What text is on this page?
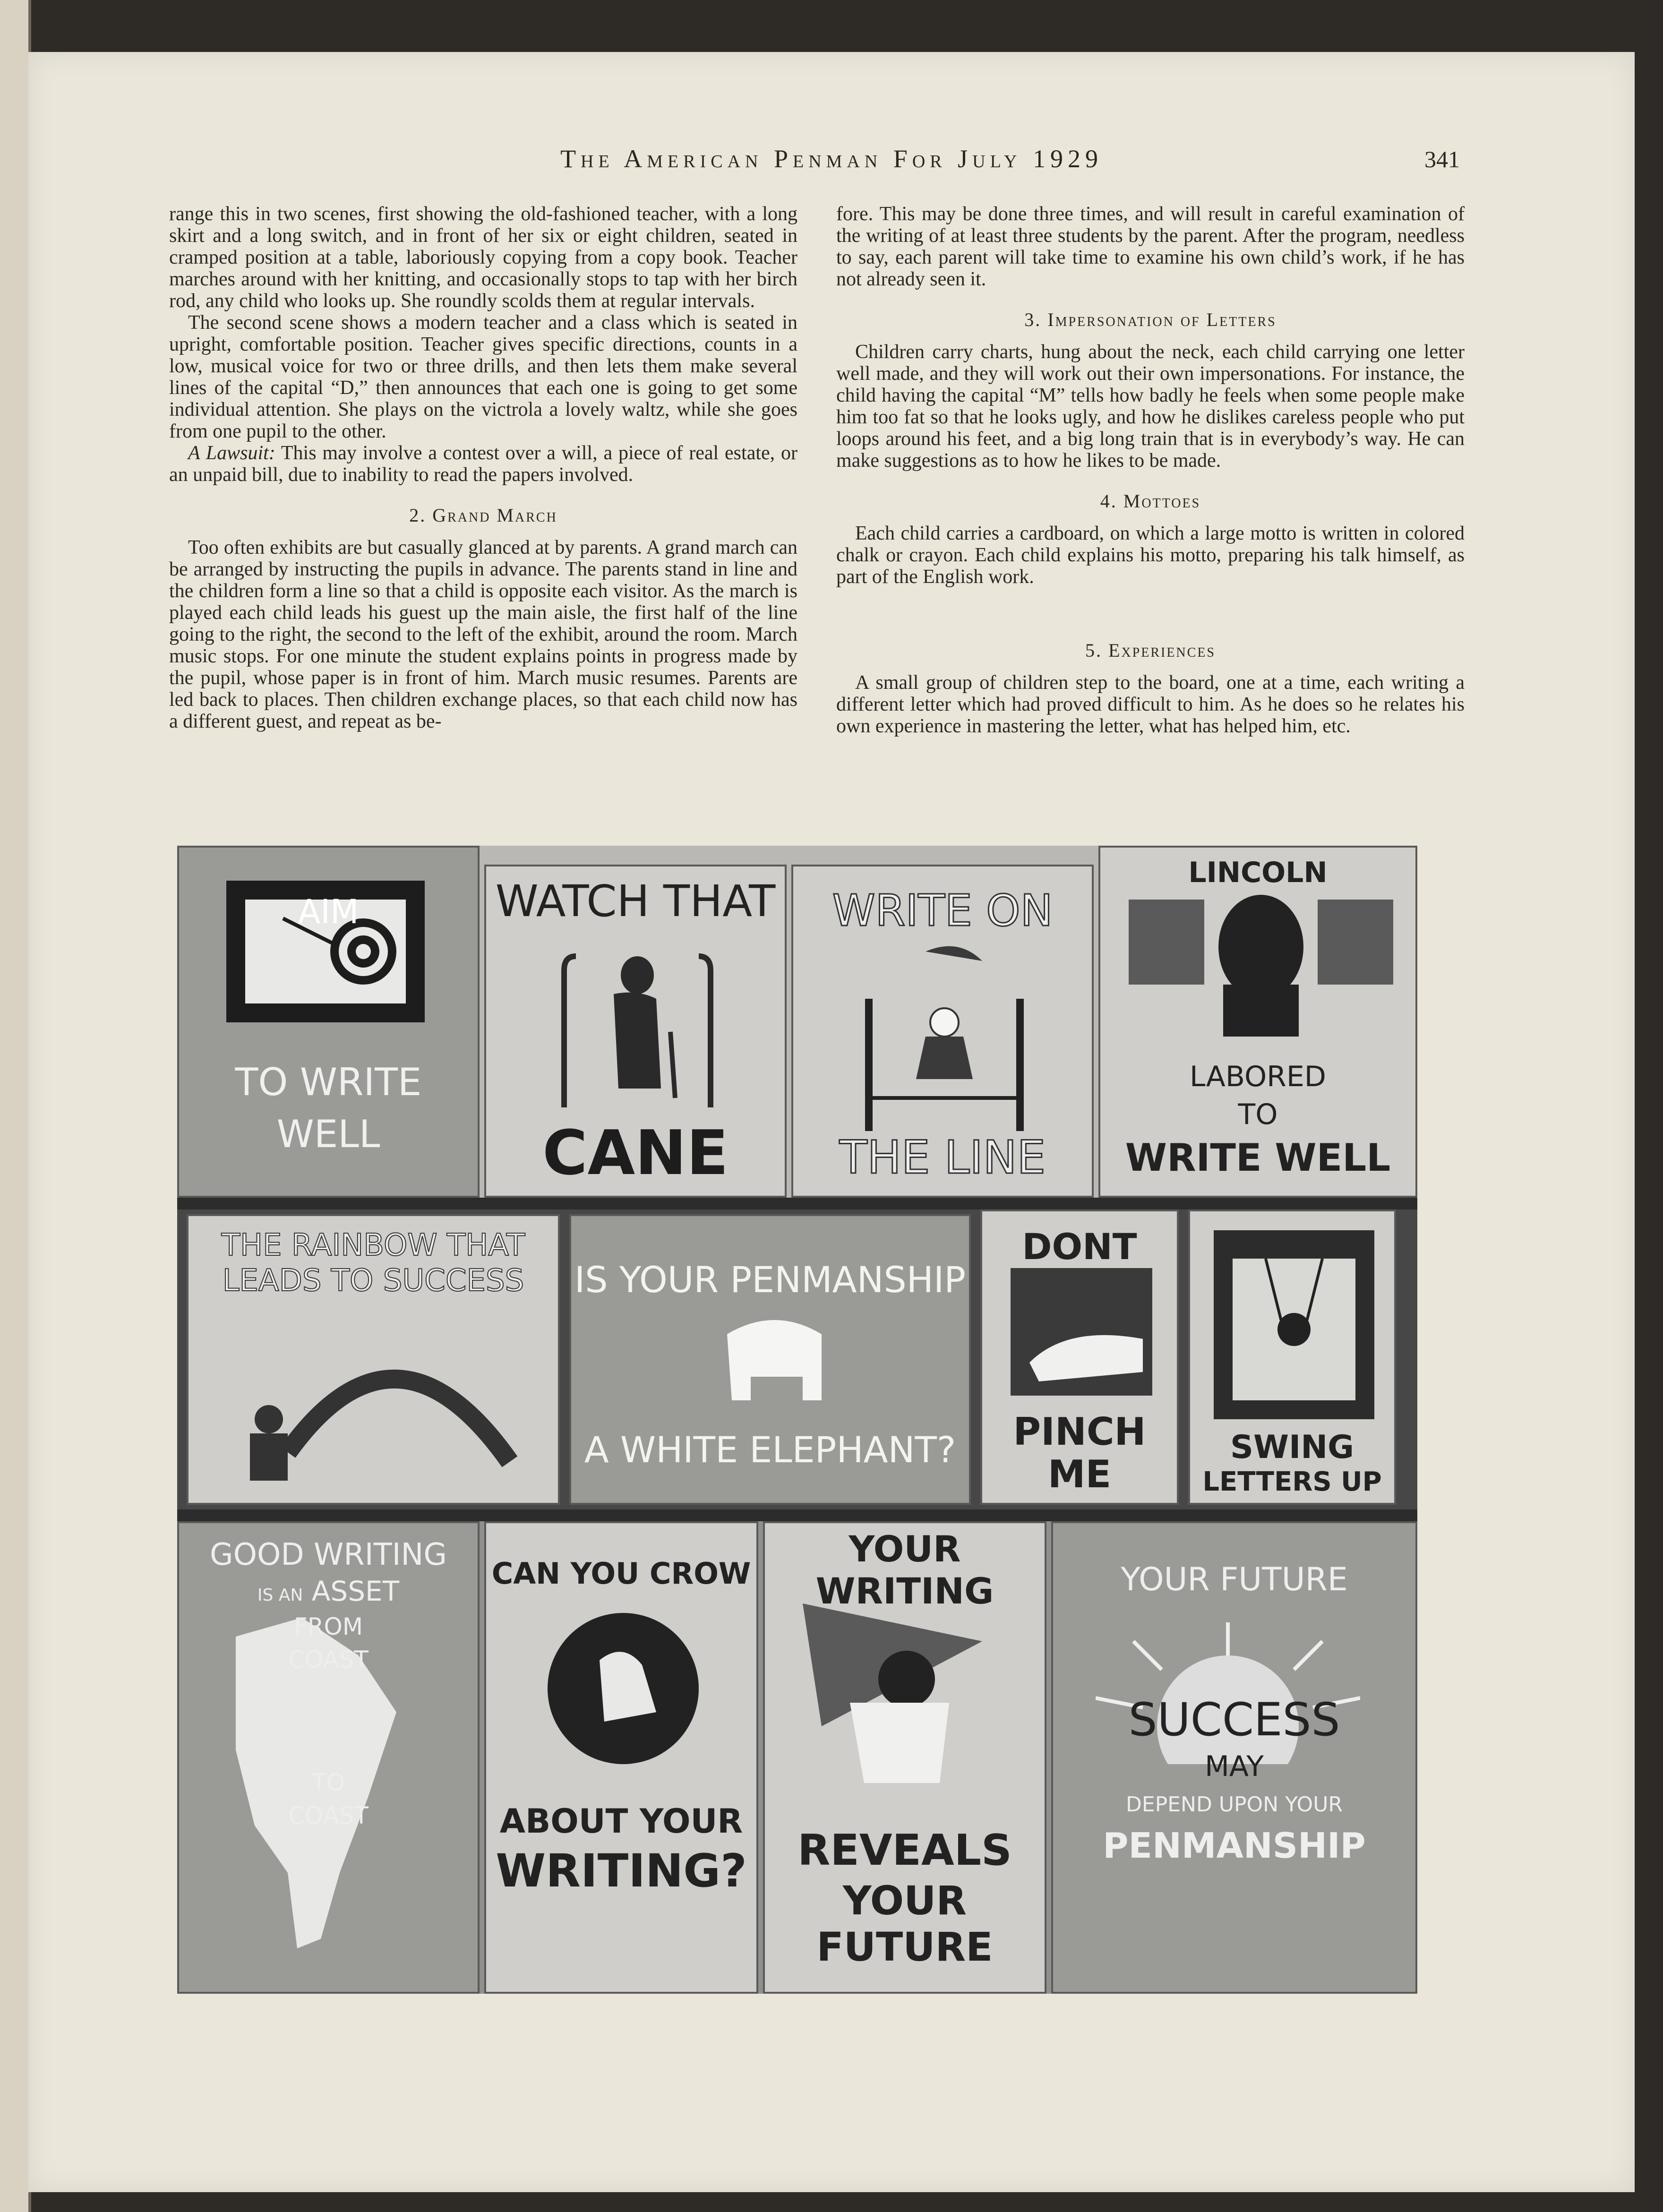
The American Penman For July 1929	341

range this in two scenes, first showing the old-fashioned teacher, with a long skirt and a long switch, and in front of her six or eight children, seated in cramped position at a table, laboriously copying from a copy book. Teacher marches around with her knitting, and occasionally stops to tap with her birch rod, any child who looks up. She roundly scolds them at regular intervals.

The second scene shows a modern teacher and a class which is seated in upright, comfortable position. Teacher gives specific directions, counts in a low, musical voice for two or three drills, and then lets them make several lines of the capital “D,” then announces that each one is going to get some individual attention. She plays on the victrola a lovely waltz, while she goes from one pupil to the other.

A Lawsuit: This may involve a contest over a will, a piece of real estate, or an unpaid bill, due to inability to read the papers involved.

2. Grand March

Too often exhibits are but casually glanced at by parents. A grand march can be arranged by instructing the pupils in advance. The parents stand in line and the children form a line so that a child is opposite each visitor. As the march is played each child leads his guest up the main aisle, the first half of the line going to the right, the second to the left of the exhibit, around the room. March music stops. For one minute the student explains points in progress made by the pupil, whose paper is in front of him. March music resumes. Parents are led back to places. Then children exchange places, so that each child now has a different guest, and repeat as be-

fore. This may be done three times, and will result in careful examination of the writing of at least three students by the parent. After the program, needless to say, each parent will take time to examine his own child’s work, if he has not already seen it.

3. Impersonation of Letters

Children carry charts, hung about the neck, each child carrying one letter well made, and they will work out their own impersonations. For instance, the child having the capital “M” tells how badly he feels when some people make him too fat so that he looks ugly, and how he dislikes careless people who put loops around his feet, and a big long train that is in everybody’s way. He can make suggestions as to how he likes to be made.

4. Mottoes

Each child carries a cardboard, on which a large motto is written in colored chalk or crayon. Each child explains his motto, preparing his talk himself, as part of the English work.

5. Experiences

A small group of children step to the board, one at a time, each writing a different letter which had proved difficult to him. As he does so he relates his own experience in mastering the letter, what has helped him, etc.

AIM
TO WRITE
WELL
WATCH THAT
CANE
WRITE ON
THE LINE
LINCOLN
LABORED
TO
WRITE WELL
THE RAINBOW THAT
LEADS TO SUCCESS	IS YOUR PENMANSHIP
A WHITE ELEPHANT?
DONT
PINCH
ME
SWING
LETTERS UP
GOOD WRITING
IS AN ASSET
FROM
COAST
TO
COAST
CAN YOU CROW
ABOUT YOUR
WRITING?
YOUR WRITING
REVEALS
YOUR FUTURE
YOUR FUTURE
SUCCESS
MAY
DEPEND UPON YOUR
PENMANSHIP
